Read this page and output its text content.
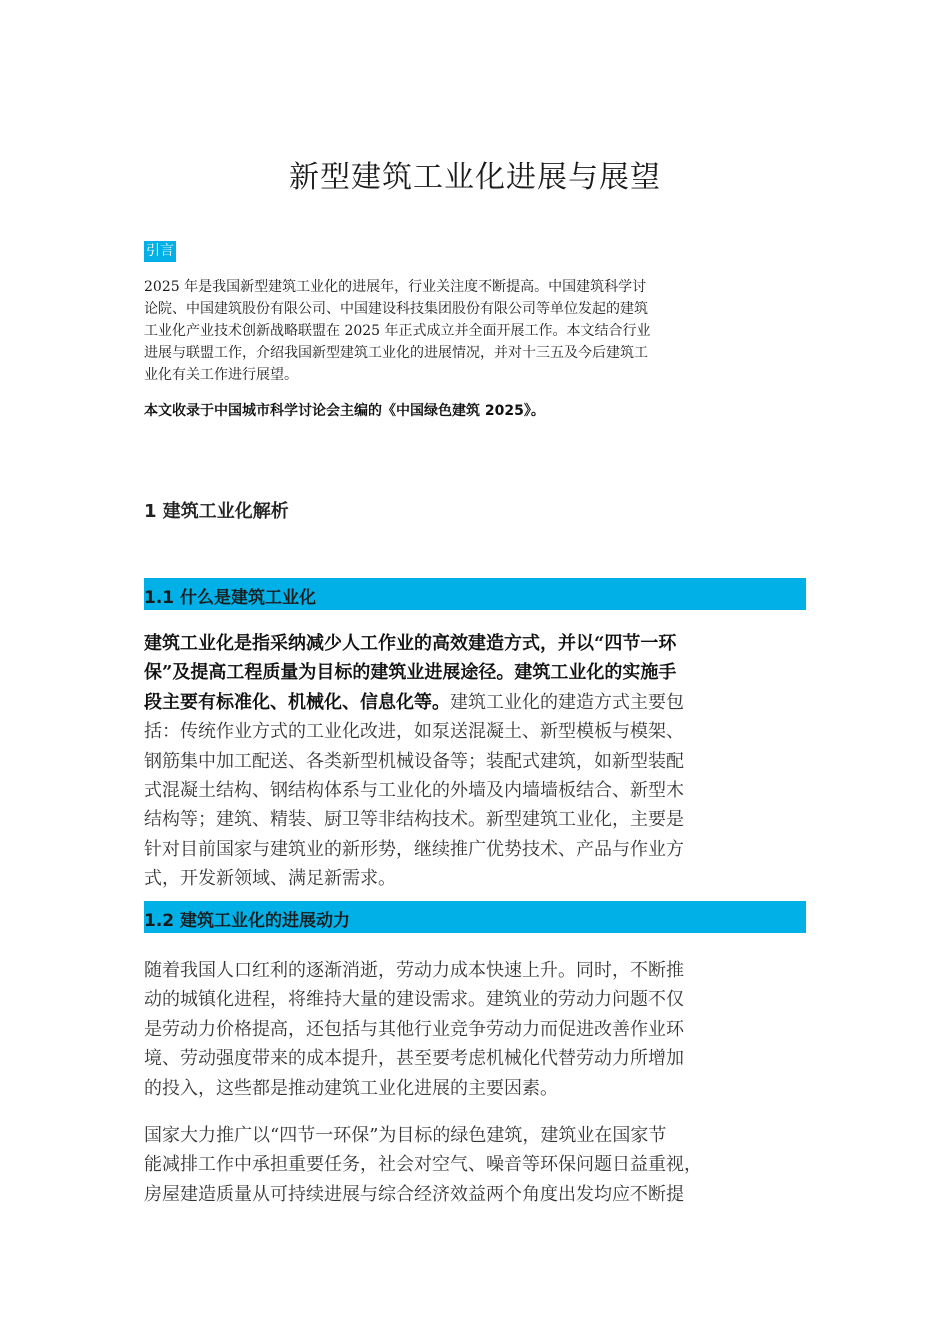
新型建筑工业化进展与展望
引言
2025 年是我国新型建筑工业化的进展年，行业关注度不断提高。中国建筑科学讨
论院、中国建筑股份有限公司、中国建设科技集团股份有限公司等单位发起的建筑
工业化产业技术创新战略联盟在 2025 年正式成立并全面开展工作。本文结合行业
进展与联盟工作，介绍我国新型建筑工业化的进展情况，并对十三五及今后建筑工
业化有关工作进行展望。
本文收录于中国城市科学讨论会主编的《中国绿色建筑 2025》。
1 建筑工业化解析
1.1 什么是建筑工业化
建筑工业化是指采纳减少人工作业的高效建造方式，并以“四节一环
保”及提高工程质量为目标的建筑业进展途径。建筑工业化的实施手
段主要有标准化、机械化、信息化等。建筑工业化的建造方式主要包
括：传统作业方式的工业化改进，如泵送混凝土、新型模板与模架、
钢筋集中加工配送、各类新型机械设备等；装配式建筑，如新型装配
式混凝土结构、钢结构体系与工业化的外墙及内墙墙板结合、新型木
结构等；建筑、精装、厨卫等非结构技术。新型建筑工业化，主要是
针对目前国家与建筑业的新形势，继续推广优势技术、产品与作业方
式，开发新领域、满足新需求。
1.2 建筑工业化的进展动力
随着我国人口红利的逐渐消逝，劳动力成本快速上升。同时，不断推
动的城镇化进程，将维持大量的建设需求。建筑业的劳动力问题不仅
是劳动力价格提高，还包括与其他行业竞争劳动力而促进改善作业环
境、劳动强度带来的成本提升，甚至要考虑机械化代替劳动力所增加
的投入，这些都是推动建筑工业化进展的主要因素。
国家大力推广以“四节一环保”为目标的绿色建筑，建筑业在国家节
能减排工作中承担重要任务，社会对空气、噪音等环保问题日益重视，
房屋建造质量从可持续进展与综合经济效益两个角度出发均应不断提
